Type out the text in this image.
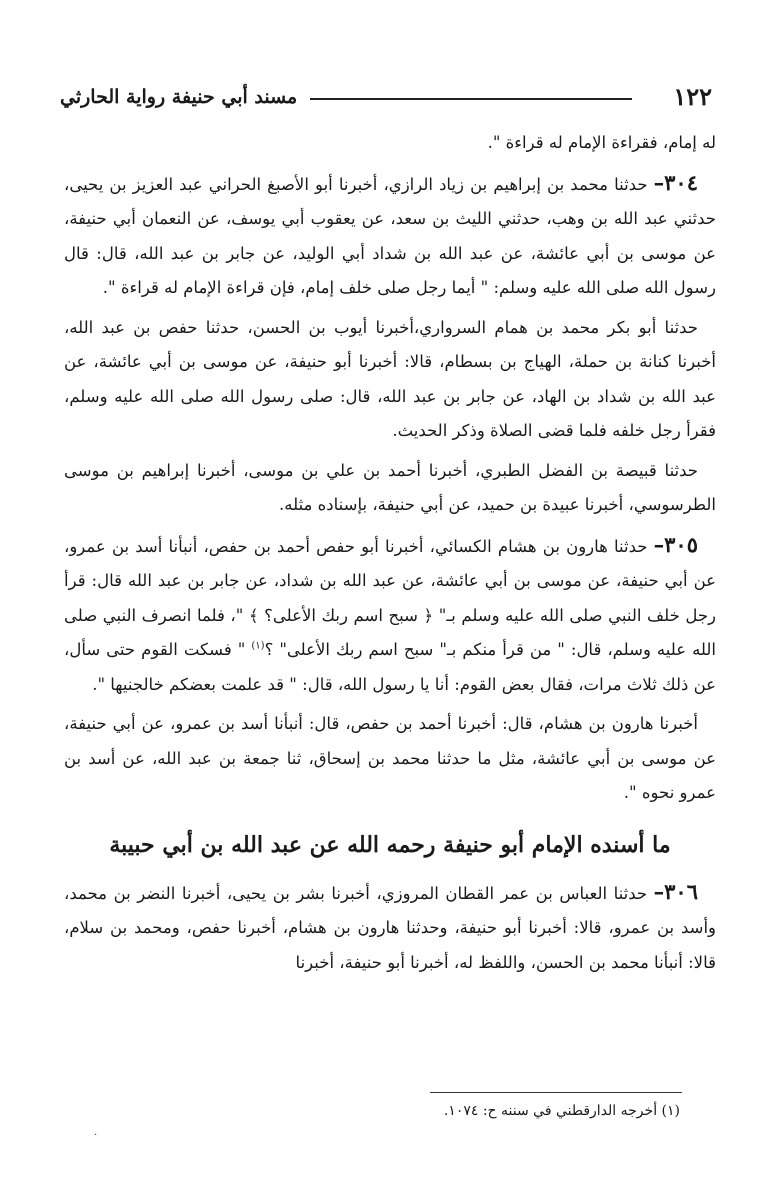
١٢٢
مسند أبي حنيفة رواية الحارثي

له إمام، فقراءة الإمام له قراءة ".

٣٠٤– حدثنا محمد بن إبراهيم بن زياد الرازي، أخبرنا أبو الأصبغ الحراني عبد العزيز بن يحيى، حدثني عبد الله بن وهب، حدثني الليث بن سعد، عن يعقوب أبي يوسف، عن النعمان أبي حنيفة، عن موسى بن أبي عائشة، عن عبد الله بن شداد أبي الوليد، عن جابر بن عبد الله، قال: قال رسول الله صلى الله عليه وسلم: " أيما رجل صلى خلف إمام، فإن قراءة الإمام له قراءة ".

حدثنا أبو بكر محمد بن همام السرواري،أخبرنا أيوب بن الحسن، حدثنا حفص بن عبد الله، أخبرنا كنانة بن حملة، الهياج بن بسطام، قالا: أخبرنا أبو حنيفة، عن موسى بن أبي عائشة، عن عبد الله بن شداد بن الهاد، عن جابر بن عبد الله، قال: صلى رسول الله صلى الله عليه وسلم، فقرأ رجل خلفه فلما قضى الصلاة وذكر الحديث.

حدثنا قبيصة بن الفضل الطبري، أخبرنا أحمد بن علي بن موسى، أخبرنا إبراهيم بن موسى الطرسوسي، أخبرنا عبيدة بن حميد، عن أبي حنيفة، بإسناده مثله.

٣٠٥– حدثنا هارون بن هشام الكسائي، أخبرنا أبو حفص أحمد بن حفص، أنبأنا أسد بن عمرو، عن أبي حنيفة، عن موسى بن أبي عائشة، عن عبد الله بن شداد، عن جابر بن عبد الله قال: قرأ رجل خلف النبي صلى الله عليه وسلم بـ" ﴿ سبح اسم ربك الأعلى؟ ﴾ "، فلما انصرف النبي صلى الله عليه وسلم، قال: " من قرأ منكم بـ" سبح اسم ربك الأعلى" ؟$^{(١)}$ " فسكت القوم حتى سأل، عن ذلك ثلاث مرات، فقال بعض القوم: أنا يا رسول الله، قال: " قد علمت بعضكم خالجنيها ".

أخبرنا هارون بن هشام، قال: أخبرنا أحمد بن حفص، قال: أنبأنا أسد بن عمرو، عن أبي حنيفة، عن موسى بن أبي عائشة، مثل ما حدثنا محمد بن إسحاق، ثنا جمعة بن عبد الله، عن أسد بن عمرو نحوه ".

ما أسنده الإمام أبو حنيفة رحمه الله عن عبد الله بن أبي حبيبة

٣٠٦– حدثنا العباس بن عمر القطان المروزي، أخبرنا بشر بن يحيى، أخبرنا النضر بن محمد، وأسد بن عمرو، قالا: أخبرنا أبو حنيفة، وحدثنا هارون بن هشام، أخبرنا حفص، ومحمد بن سلام، قالا: أنبأنا محمد بن الحسن، واللفظ له، أخبرنا أبو حنيفة، أخبرنا

(١) أخرجه الدارقطني في سننه ح: ١٠٧٤.
·
